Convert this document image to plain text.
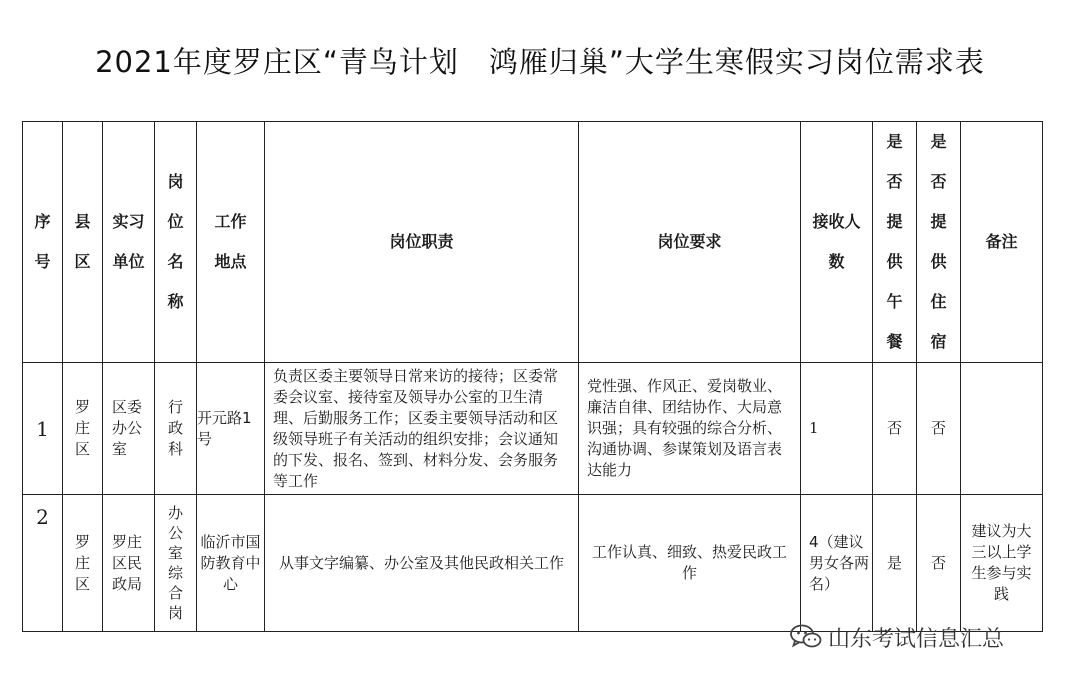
2021年度罗庄区“青鸟计划　鸿雁归巢”大学生寒假实习岗位需求表
序号	县区	实习单位	岗位名称	工作地点	岗位职责	岗位要求	接收人数	是否提供午餐	是否提供住宿	备注
1	罗庄区	区委办公室	行政科	开元路1号	负责区委主要领导日常来访的接待；区委常委会议室、接待室及领导办公室的卫生清理、后勤服务工作；区委主要领导活动和区级领导班子有关活动的组织安排；会议通知的下发、报名、签到、材料分发、会务服务等工作	党性强、作风正、爱岗敬业、廉洁自律、团结协作、大局意识强；具有较强的综合分析、沟通协调、参谋策划及语言表达能力	1	否	否	
2	罗庄区	罗庄区民政局	办公室综合岗	临沂市国防教育中心	从事文字编纂、办公室及其他民政相关工作	工作认真、细致、热爱民政工作	4（建议男女各两名）	是	否	建议为大三以上学生参与实践
山东考试信息汇总
